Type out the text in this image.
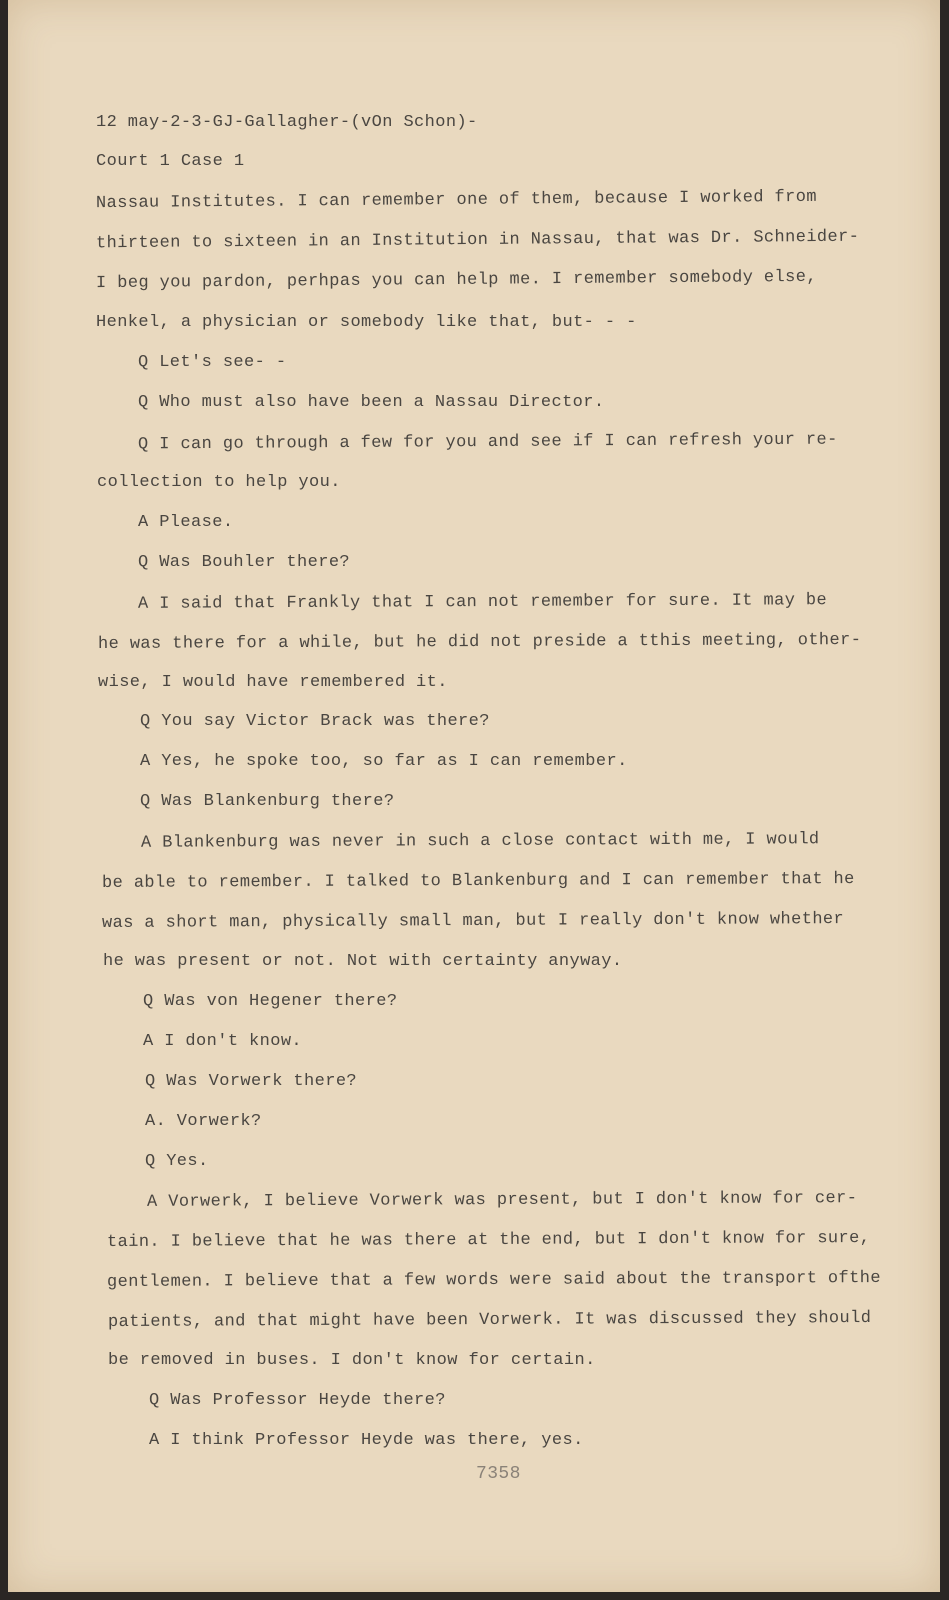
12 may-2-3-GJ-Gallagher-(vOn Schon)-
Court 1 Case 1
Nassau Institutes. I can remember one of them, because I worked from
thirteen to sixteen in an Institution in Nassau, that was Dr. Schneider-
I beg you pardon, perhpas you can help me. I remember somebody else,
Henkel, a physician or somebody like that, but- - -
Q Let's see- -
Q Who must also have been a Nassau Director.
Q I can go through a few for you and see if I can refresh your re-
collection to help you.
A Please.
Q Was Bouhler there?
A I said that Frankly that I can not remember for sure. It may be
he was there for a while, but he did not preside a tthis meeting, other-
wise, I would have remembered it.
Q You say Victor Brack was there?
A Yes, he spoke too, so far as I can remember.
Q Was Blankenburg there?
A Blankenburg was never in such a close contact with me, I would
be able to remember. I talked to Blankenburg and I can remember that he
was a short man, physically small man, but I really don't know whether
he was present or not. Not with certainty anyway.
Q Was von Hegener there?
A I don't know.
Q Was Vorwerk there?
A. Vorwerk?
Q Yes.
A Vorwerk, I believe Vorwerk was present, but I don't know for cer-
tain. I believe that he was there at the end, but I don't know for sure,
gentlemen. I believe that a few words were said about the transport ofthe
patients, and that might have been Vorwerk. It was discussed they should
be removed in buses. I don't know for certain.
Q Was Professor Heyde there?
A I think Professor Heyde was there, yes.
7358
